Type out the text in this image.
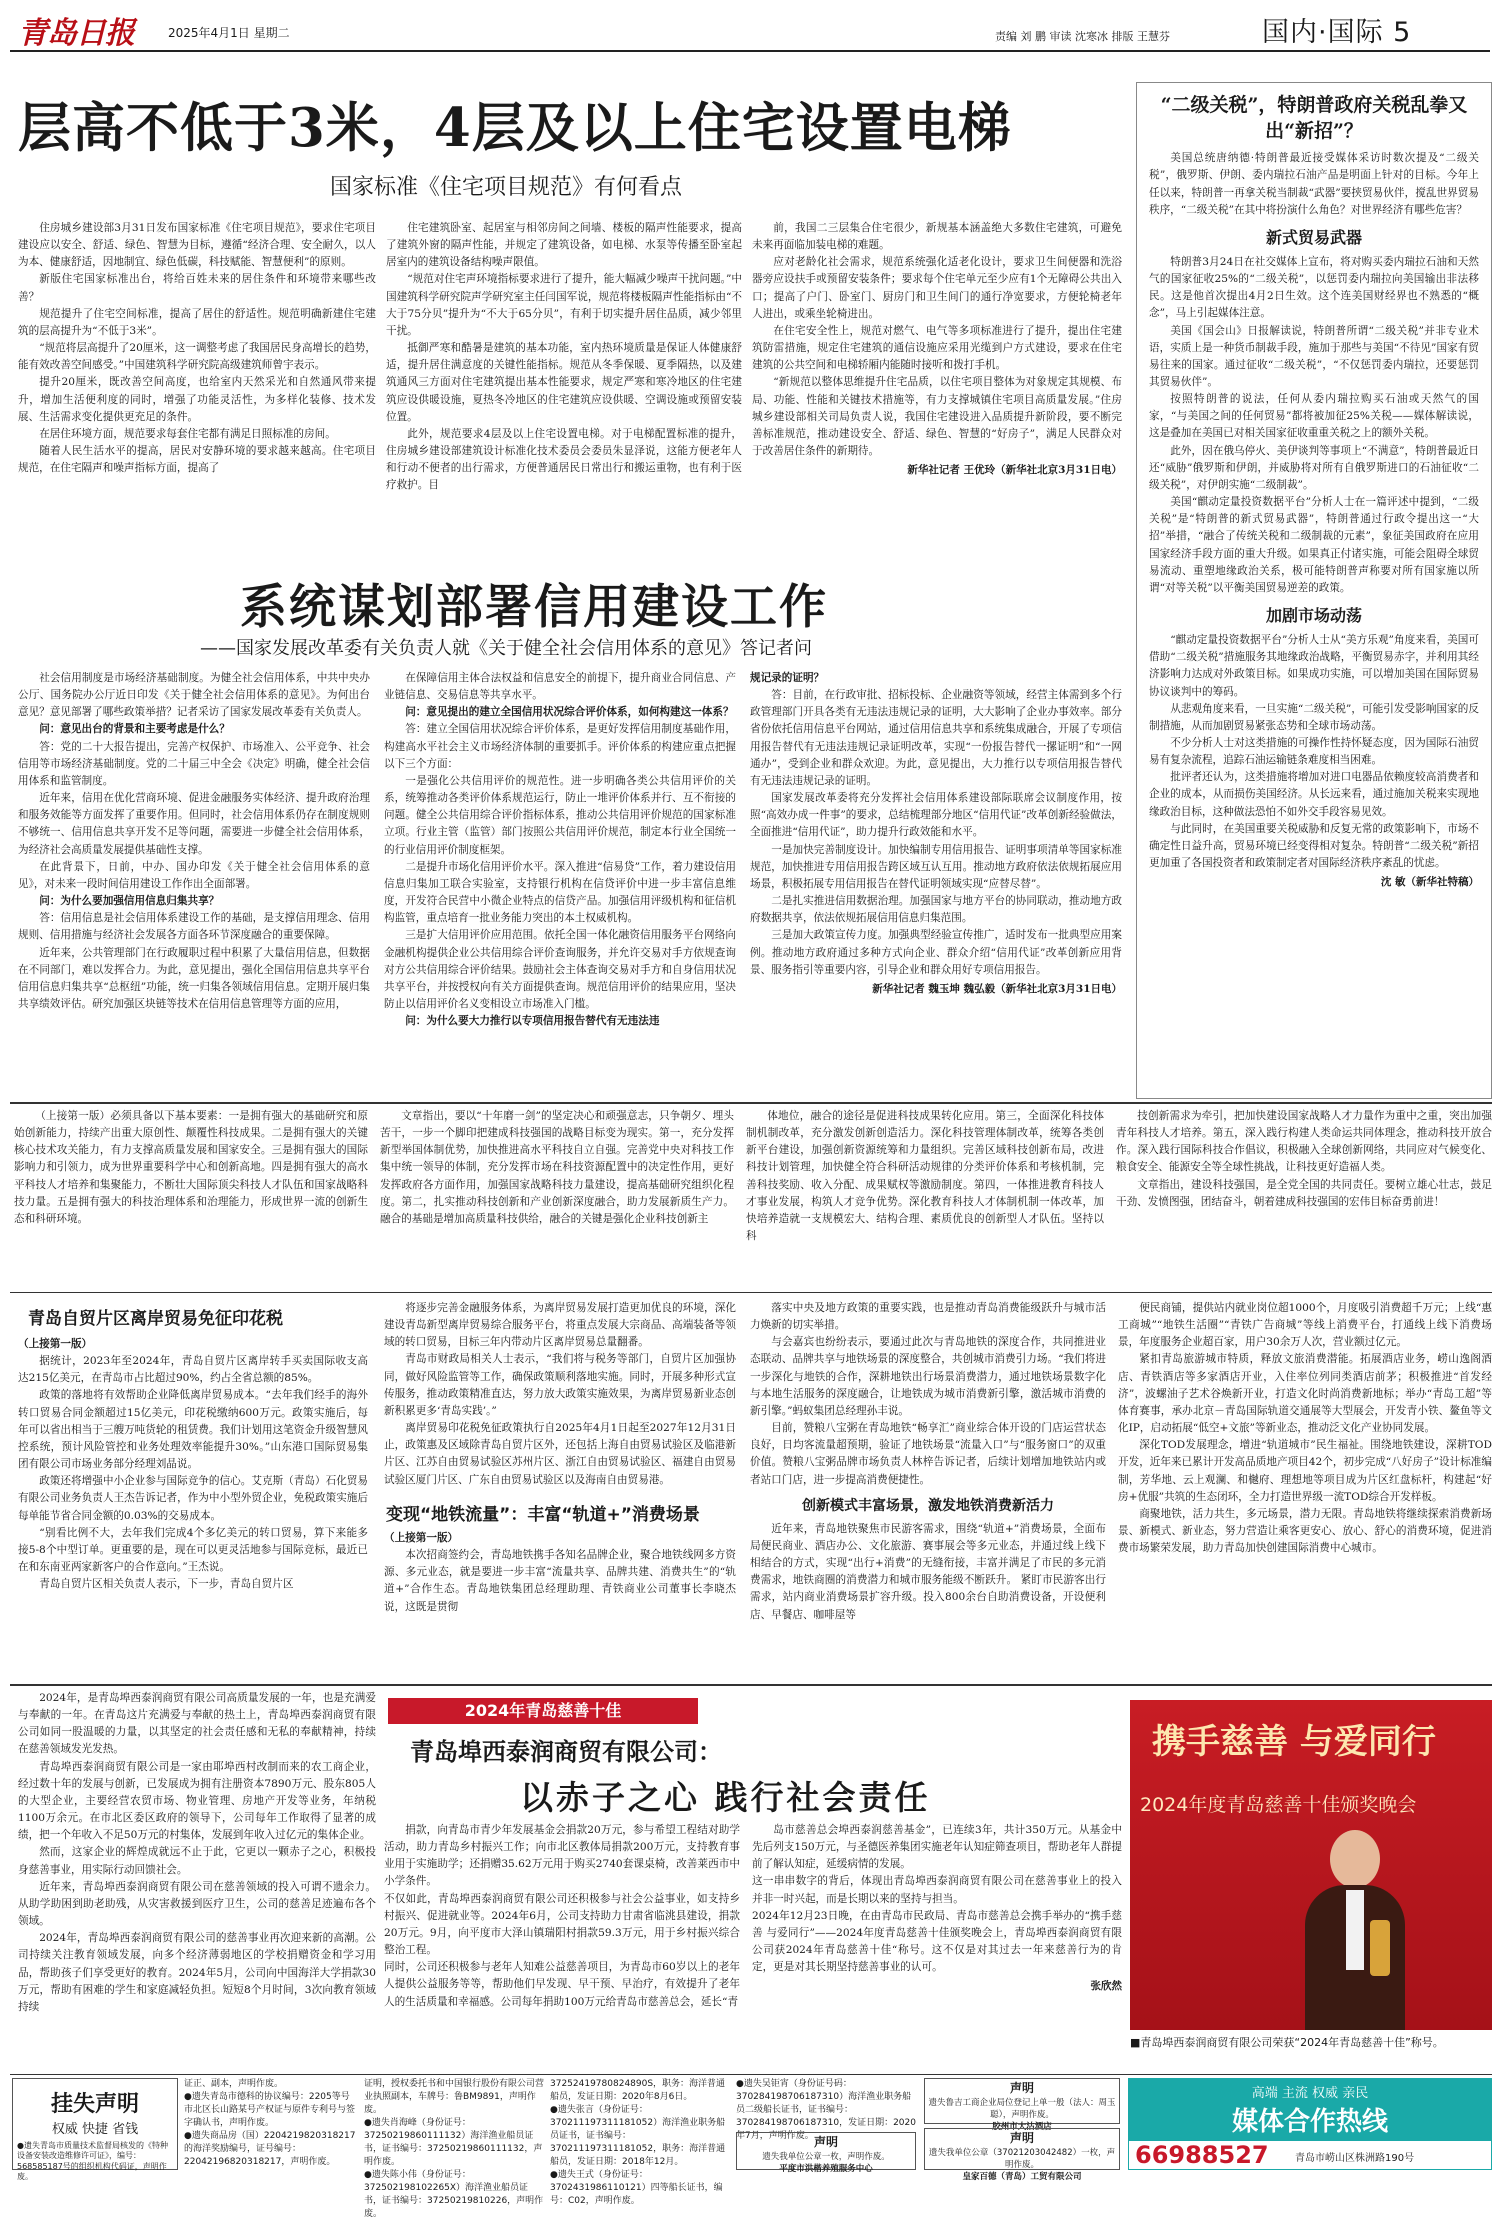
青岛日报	2025年4月1日 星期二	责编 刘 鹏 审读 沈寒冰 排版 王慧芬	国内·国际 5
层高不低于3米，4层及以上住宅设置电梯
国家标准《住宅项目规范》有何看点

住房城乡建设部3月31日发布国家标准《住宅项目规范》，要求住宅项目建设应以安全、舒适、绿色、智慧为目标，遵循“经济合理、安全耐久，以人为本、健康舒适，因地制宜、绿色低碳，科技赋能、智慧便利”的原则。

新版住宅国家标准出台，将给百姓未来的居住条件和环境带来哪些改善？

规范提升了住宅空间标准，提高了居住的舒适性。规范明确新建住宅建筑的层高提升为“不低于3米”。

“规范将层高提升了20厘米，这一调整考虑了我国居民身高增长的趋势，能有效改善空间感受。”中国建筑科学研究院高级建筑师曾宇表示。

提升20厘米，既改善空间高度，也给室内天然采光和自然通风带来提升，增加生活便利度的同时，增强了功能灵活性，为多样化装修、技术发展、生活需求变化提供更充足的条件。

在居住环境方面，规范要求每套住宅都有满足日照标准的房间。

随着人民生活水平的提高，居民对安静环境的要求越来越高。住宅项目规范，在住宅隔声和噪声指标方面，提高了

住宅建筑卧室、起居室与相邻房间之间墙、楼板的隔声性能要求，提高了建筑外窗的隔声性能，并规定了建筑设备，如电梯、水泵等传播至卧室起居室内的建筑设备结构噪声限值。

“规范对住宅声环境指标要求进行了提升，能大幅减少噪声干扰问题。”中国建筑科学研究院声学研究室主任闫国军说，规范将楼板隔声性能指标由“不大于75分贝”提升为“不大于65分贝”，有利于切实提升居住品质，减少邻里干扰。

抵御严寒和酷暑是建筑的基本功能，室内热环境质量是保证人体健康舒适，提升居住满意度的关键性能指标。规范从冬季保暖、夏季隔热，以及建筑通风三方面对住宅建筑提出基本性能要求，规定严寒和寒冷地区的住宅建筑应设供暖设施，夏热冬冷地区的住宅建筑应设供暖、空调设施或预留安装位置。

此外，规范要求4层及以上住宅设置电梯。对于电梯配置标准的提升，住房城乡建设部建筑设计标准化技术委员会委员朱显泽说，这能方便老年人和行动不便者的出行需求，方便普通居民日常出行和搬运重物，也有利于医疗救护。目

前，我国二三层集合住宅很少，新规基本涵盖绝大多数住宅建筑，可避免未来再面临加装电梯的难题。

应对老龄化社会需求，规范系统强化适老化设计，要求卫生间便器和洗浴器旁应设扶手或预留安装条件；要求每个住宅单元至少应有1个无障碍公共出入口；提高了户门、卧室门、厨房门和卫生间门的通行净宽要求，方便轮椅老年人进出，或乘坐轮椅进出。

在住宅安全性上，规范对燃气、电气等多项标准进行了提升，提出住宅建筑防雷措施，规定住宅建筑的通信设施应采用光缆到户方式建设，要求在住宅建筑的公共空间和电梯轿厢内能随时接听和拨打手机。

“新规范以整体思维提升住宅品质，以住宅项目整体为对象规定其规模、布局、功能、性能和关键技术措施等，有力支撑城镇住宅项目高质量发展。”住房城乡建设部相关司局负责人说，我国住宅建设进入品质提升新阶段，要不断完善标准规范，推动建设安全、舒适、绿色、智慧的“好房子”，满足人民群众对于改善居住条件的新期待。

新华社记者 王优玲（新华社北京3月31日电）
“二级关税”，特朗普政府关税乱拳又出“新招”？

美国总统唐纳德·特朗普最近接受媒体采访时数次提及“二级关税”，俄罗斯、伊朗、委内瑞拉石油产品是明面上针对的目标。今年上任以来，特朗普一再拿关税当制裁“武器”要挟贸易伙伴，搅乱世界贸易秩序，“二级关税”在其中将扮演什么角色？对世界经济有哪些危害？

新式贸易武器

特朗普3月24日在社交媒体上宣布，将对购买委内瑞拉石油和天然气的国家征收25%的“二级关税”，以惩罚委内瑞拉向美国输出非法移民。这是他首次提出4月2日生效。这个连美国财经界也不熟悉的“概念”，马上引起媒体注意。

美国《国会山》日报解读说，特朗普所谓“二级关税”并非专业术语，实质上是一种货币制裁手段，施加于那些与美国“不待见”国家有贸易往来的国家。通过征收“二级关税”，“不仅惩罚委内瑞拉，还要惩罚其贸易伙伴”。

按照特朗普的说法，任何从委内瑞拉购买石油或天然气的国家，“与美国之间的任何贸易”都将被加征25%关税——媒体解读说，这是叠加在美国已对相关国家征收重重关税之上的额外关税。

此外，因在俄乌停火、美伊谈判等事项上“不满意”，特朗普最近日还“威胁”俄罗斯和伊朗，并威胁将对所有自俄罗斯进口的石油征收“二级关税”，对伊朗实施“二级制裁”。

美国“麒动定量投资数据平台”分析人士在一篇评述中提到，“二级关税”是“特朗普的新式贸易武器”，特朗普通过行政令提出这一“大招”举措，“融合了传统关税和二级制裁的元素”，象征美国政府在应用国家经济手段方面的重大升级。如果真正付诸实施，可能会阻碍全球贸易流动、重塑地缘政治关系，极可能特朗普声称要对所有国家施以所谓“对等关税”以平衡美国贸易逆差的政策。

加剧市场动荡

“麒动定量投资数据平台”分析人士从“美方乐观”角度来看，美国可借助“二级关税”措施服务其地缘政治战略，平衡贸易赤字，并利用其经济影响力达成对外政策目标。如果成功实施，可以增加美国在国际贸易协议谈判中的筹码。

从悲观角度来看，一旦实施“二级关税”，可能引发受影响国家的反制措施，从而加剧贸易紧张态势和全球市场动荡。

不少分析人士对这类措施的可操作性持怀疑态度，因为国际石油贸易有复杂流程，追踪石油运输链条难度相当困难。

批评者还认为，这类措施将增加对进口电器品依赖度较高消费者和企业的成本，从而损伤美国经济。从长远来看，通过施加关税来实现地缘政治目标，这种做法恐怕不如外交手段容易见效。

与此同时，在美国重要关税威胁和反复无常的政策影响下，市场不确定性日益升高，贸易环境已经变得相对复杂。特朗普“二级关税”新招更加重了各国投资者和政策制定者对国际经济秩序紊乱的忧虑。

沈 敏（新华社特稿）
系统谋划部署信用建设工作
——国家发展改革委有关负责人就《关于健全社会信用体系的意见》答记者问

社会信用制度是市场经济基础制度。为健全社会信用体系，中共中央办公厅、国务院办公厅近日印发《关于健全社会信用体系的意见》。为何出台意见？意见部署了哪些政策举措？记者采访了国家发展改革委有关负责人。

问：意见出台的背景和主要考虑是什么？

答：党的二十大报告提出，完善产权保护、市场准入、公平竞争、社会信用等市场经济基础制度。党的二十届三中全会《决定》明确，健全社会信用体系和监管制度。

近年来，信用在优化营商环境、促进金融服务实体经济、提升政府治理和服务效能等方面发挥了重要作用。但同时，社会信用体系仍存在制度规则不够统一、信用信息共享开发不足等问题，需要进一步健全社会信用体系，为经济社会高质量发展提供基础性支撑。

在此背景下，日前，中办、国办印发《关于健全社会信用体系的意见》，对未来一段时间信用建设工作作出全面部署。

问：为什么要加强信用信息归集共享？

答：信用信息是社会信用体系建设工作的基础，是支撑信用理念、信用规则、信用措施与经济社会发展各方面各环节深度融合的重要保障。

近年来，公共管理部门在行政履职过程中积累了大量信用信息，但数据在不同部门，难以发挥合力。为此，意见提出，强化全国信用信息共享平台信用信息归集共享“总枢纽”功能，统一归集各领域信用信息。定期开展归集共享绩效评估。研究加强区块链等技术在信用信息管理等方面的应用，

在保障信用主体合法权益和信息安全的前提下，提升商业合同信息、产业链信息、交易信息等共享水平。

问：意见提出的建立全国信用状况综合评价体系，如何构建这一体系？

答：建立全国信用状况综合评价体系，是更好发挥信用制度基础作用，构建高水平社会主义市场经济体制的重要抓手。评价体系的构建应重点把握以下三个方面：

一是强化公共信用评价的规范性。进一步明确各类公共信用评价的关系，统筹推动各类评价体系规范运行，防止一堆评价体系并行、互不衔接的问题。健全公共信用综合评价指标体系，推动公共信用评价规范的国家标准立项。行业主管（监管）部门按照公共信用评价规范，制定本行业全国统一的行业信用评价制度框架。

二是提升市场化信用评价水平。深入推进“信易贷”工作，着力建设信用信息归集加工联合实验室，支持银行机构在信贷评价中进一步丰富信息维度，开发符合民营中小微企业特点的信贷产品。加强信用评级机构和征信机构监管，重点培育一批业务能力突出的本土权威机构。

三是扩大信用评价应用范围。依托全国一体化融资信用服务平台网络向金融机构提供企业公共信用综合评价查询服务，并允许交易对手方依规查询对方公共信用综合评价结果。鼓励社会主体查询交易对手方和自身信用状况共享平台，并按授权向有关方面提供查询。规范信用评价的结果应用，坚决防止以信用评价名义变相设立市场准入门槛。

问：为什么要大力推行以专项信用报告替代有无违法违

规记录的证明？

答：目前，在行政审批、招标投标、企业融资等领域，经营主体需到多个行政管理部门开具各类有无违法违规记录的证明，大大影响了企业办事效率。部分省份依托信用信息平台网站，通过信用信息共享和系统集成融合，开展了专项信用报告替代有无违法违规记录证明改革，实现“一份报告替代一摞证明”和“一网通办”，受到企业和群众欢迎。为此，意见提出，大力推行以专项信用报告替代有无违法违规记录的证明。

国家发展改革委将充分发挥社会信用体系建设部际联席会议制度作用，按照“高效办成一件事”的要求，总结梳理部分地区“信用代证”改革创新经验做法，全面推进“信用代证”，助力提升行政效能和水平。

一是加快完善制度设计。加快编制专用信用报告、证明事项清单等国家标准规范，加快推进专用信用报告跨区域互认互用。推动地方政府依法依规拓展应用场景，积极拓展专用信用报告在替代证明领域实现“应替尽替”。

二是扎实推进信用数据治理。加强国家与地方平台的协同联动，推动地方政府数据共享，依法依规拓展信用信息归集范围。

三是加大政策宣传力度。加强典型经验宣传推广，适时发布一批典型应用案例。推动地方政府通过多种方式向企业、群众介绍“信用代证”改革创新应用背景、服务指引等重要内容，引导企业和群众用好专项信用报告。

新华社记者 魏玉坤 魏弘毅（新华社北京3月31日电）

（上接第一版）必须具备以下基本要素：一是拥有强大的基础研究和原始创新能力，持续产出重大原创性、颠覆性科技成果。二是拥有强大的关键核心技术攻关能力，有力支撑高质量发展和国家安全。三是拥有强大的国际影响力和引领力，成为世界重要科学中心和创新高地。四是拥有强大的高水平科技人才培养和集聚能力，不断壮大国际顶尖科技人才队伍和国家战略科技力量。五是拥有强大的科技治理体系和治理能力，形成世界一流的创新生态和科研环境。

文章指出，要以“十年磨一剑”的坚定决心和顽强意志，只争朝夕、埋头苦干，一步一个脚印把建成科技强国的战略目标变为现实。第一，充分发挥新型举国体制优势，加快推进高水平科技自立自强。完善党中央对科技工作集中统一领导的体制，充分发挥市场在科技资源配置中的决定性作用，更好发挥政府各方面作用，加强国家战略科技力量建设，提高基础研究组织化程度。第二，扎实推动科技创新和产业创新深度融合，助力发展新质生产力。融合的基础是增加高质量科技供给，融合的关键是强化企业科技创新主

体地位，融合的途径是促进科技成果转化应用。第三，全面深化科技体制机制改革，充分激发创新创造活力。深化科技管理体制改革，统筹各类创新平台建设，加强创新资源统筹和力量组织。完善区域科技创新布局，改进科技计划管理，加快健全符合科研活动规律的分类评价体系和考核机制，完善科技奖励、收入分配、成果赋权等激励制度。第四，一体推进教育科技人才事业发展，构筑人才竞争优势。深化教育科技人才体制机制一体改革，加快培养造就一支规模宏大、结构合理、素质优良的创新型人才队伍。坚持以科

技创新需求为牵引，把加快建设国家战略人才力量作为重中之重，突出加强青年科技人才培养。第五，深入践行构建人类命运共同体理念，推动科技开放合作。深入践行国际科技合作倡议，积极融入全球创新网络，共同应对气候变化、粮食安全、能源安全等全球性挑战，让科技更好造福人类。

文章指出，建设科技强国，是全党全国的共同责任。要树立雄心壮志，鼓足干劲、发愤图强，团结奋斗，朝着建成科技强国的宏伟目标奋勇前进！

青岛自贸片区离岸贸易免征印花税

（上接第一版）

据统计，2023年至2024年，青岛自贸片区离岸转手买卖国际收支高达215亿美元，在青岛市占比超过90%，约占全省总额的85%。

政策的落地将有效帮助企业降低离岸贸易成本。“去年我们经手的海外转口贸易合同金额超过15亿美元，印花税缴纳600万元。政策实施后，每年可以省出相当于三艘万吨货轮的租赁费。我们计划用这笔资金升级智慧风控系统，预计风险管控和业务处理效率能提升30%。”山东港口国际贸易集团有限公司市场业务部分经理刘晶说。

政策还将增强中小企业参与国际竞争的信心。艾克斯（青岛）石化贸易有限公司业务负责人王杰告诉记者，作为中小型外贸企业，免税政策实施后每单能节省合同金额的0.03%的交易成本。

“别看比例不大，去年我们完成4个多亿美元的转口贸易，算下来能多接5-8个中型订单。更重要的是，现在可以更灵活地参与国际竞标，最近已在和东南亚两家新客户的合作意向。”王杰说。

青岛自贸片区相关负责人表示，下一步，青岛自贸片区

将逐步完善金融服务体系，为离岸贸易发展打造更加优良的环境，深化建设青岛新型离岸贸易综合服务平台，将重点发展大宗商品、高端装备等领域的转口贸易，目标三年内带动片区离岸贸易总量翻番。

青岛市财政局相关人士表示，“我们将与税务等部门，自贸片区加强协同，做好风险监管等工作，确保政策顺利落地实施。同时，开展多种形式宣传服务，推动政策精准直达，努力放大政策实施效果，为离岸贸易新业态创新积累更多‘青岛实践’。”

离岸贸易印花税免征政策执行自2025年4月1日起至2027年12月31日止，政策惠及区域除青岛自贸片区外，还包括上海自由贸易试验区及临港新片区、江苏自由贸易试验区苏州片区、浙江自由贸易试验区、福建自由贸易试验区厦门片区、广东自由贸易试验区以及海南自由贸易港。

变现“地铁流量”：丰富“轨道+”消费场景

（上接第一版）

本次招商签约会，青岛地铁携手各知名品牌企业，聚合地铁线网多方资源、多元业态，就是要进一步丰富“流量共享、品牌共建、消费共生”的“轨道+”合作生态。青岛地铁集团总经理助理、青铁商业公司董事长李晓杰说，这既是贯彻

落实中央及地方政策的重要实践，也是推动青岛消费能级跃升与城市活力焕新的切实举措。

与会嘉宾也纷纷表示，要通过此次与青岛地铁的深度合作，共同推进业态联动、品牌共享与地铁场景的深度整合，共创城市消费引力场。“我们将进一步深化与地铁的合作，深耕地铁出行场景消费潜力，通过地铁场景数字化与本地生活服务的深度融合，让地铁成为城市消费新引擎，激活城市消费的新引擎。”蚂蚁集团总经理孙丰说。

目前，赞粮八宝粥在青岛地铁“畅享汇”商业综合体开设的门店运营状态良好，日均客流量超预期，验证了地铁场景“流量入口”与“服务窗口”的双重价值。赞粮八宝粥品牌市场负责人林梓告诉记者，后续计划增加地铁站内或者站口门店，进一步提高消费便捷性。

创新模式丰富场景，激发地铁消费新活力

近年来，青岛地铁聚焦市民游客需求，围绕“轨道+”消费场景，全面布局便民商业、酒店办公、文化旅游、赛事展会等多元业态，并通过线上线下相结合的方式，实现“出行+消费”的无缝衔接，丰富并满足了市民的多元消费需求，地铁商圈的消费潜力和城市服务能级不断跃升。 紧盯市民游客出行需求，站内商业消费场景扩容升级。投入800余台自助消费设备，开设便利店、早餐店、咖啡屋等

便民商铺，提供站内就业岗位超1000个，月度吸引消费超千万元；上线“惠工商城”“地铁生活圈”“青铁广告商城”等线上消费平台，打通线上线下消费场景，年度服务企业超百家，用户30余万人次，营业额过亿元。

紧扣青岛旅游城市特质，释放文旅消费潜能。拓展酒店业务，崂山逸阁酒店、青铁酒店等多家酒店开业，入住率位列同类酒店前茅；积极推进“首发经济”，波螺油子艺术谷焕新开业，打造文化时尚消费新地标；举办“青岛工超”等体育赛事，承办北京－青岛国际轨道交通展等大型展会，开发青小铁、鳌鱼等文化IP，启动拓展“低空+文旅”等新业态，推动泛文化产业协同发展。

深化TOD发展理念，增进“轨道城市”民生福祉。围绕地铁建设，深耕TOD开发，近年来已累计开发高品质地产项目42个，初步完成“八好房子”设计标准编制，芳华地、云上观澜、和樾府、理想地等项目成为片区红盘标杆，构建起“好房+优服”共筑的生态闭环，全力打造世界级一流TOD综合开发样板。

商聚地铁，活力共生，多元场景，潜力无限。青岛地铁将继续探索消费新场景、新模式、新业态，努力营造让乘客更安心、放心、舒心的消费环境，促进消费市场繁荣发展，助力青岛加快创建国际消费中心城市。

2024年，是青岛埠西泰润商贸有限公司高质量发展的一年，也是充满爱与奉献的一年。在青岛这片充满爱与奉献的热土上，青岛埠西泰润商贸有限公司如同一股温暖的力量，以其坚定的社会责任感和无私的奉献精神，持续在慈善领域发光发热。

青岛埠西泰润商贸有限公司是一家由耶埠西村改制而来的农工商企业，经过数十年的发展与创新，已发展成为拥有注册资本7890万元、股东805人的大型企业，主要经营农贸市场、物业管理、房地产开发等业务，年纳税1100万余元。在市北区委区政府的领导下，公司每年工作取得了显著的成绩，把一个年收入不足50万元的村集体，发展到年收入过亿元的集体企业。

然而，这家企业的辉煌成就远不止于此，它更以一颗赤子之心，积极投身慈善事业，用实际行动回馈社会。

近年来，青岛埠西泰润商贸有限公司在慈善领域的投入可谓不遗余力。从助学助困到助老助残，从灾害救援到医疗卫生，公司的慈善足迹遍布各个领域。

2024年，青岛埠西泰润商贸有限公司的慈善事业再次迎来新的高潮。公司持续关注教育领域发展，向多个经济薄弱地区的学校捐赠资金和学习用品，帮助孩子们享受更好的教育。2024年5月，公司向中国海洋大学捐款30万元，帮助有困难的学生和家庭减轻负担。短短8个月时间，3次向教育领域持续

2024年青岛慈善十佳
青岛埠西泰润商贸有限公司：
以赤子之心 践行社会责任

捐款，向青岛市青少年发展基金会捐款20万元，参与希望工程结对助学活动，助力青岛乡村振兴工作；向市北区教体局捐款200万元，支持教育事业用于实施助学；还捐赠35.62万元用于购买2740套课桌椅，改善莱西市中小学条件。
不仅如此，青岛埠西泰润商贸有限公司还积极参与社会公益事业，如支持乡村振兴、促进就业等。2024年6月，公司支持助力甘肃省临洮县建设，捐款20万元。9月，向平度市大泽山镇瑞阳村捐款59.3万元，用于乡村振兴综合整治工程。
同时，公司还积极参与老年人知难公益慈善项目，为青岛市60岁以上的老年人提供公益服务等等，帮助他们早发现、早干预、早治疗，有效提升了老年人的生活质量和幸福感。公司每年捐助100万元给青岛市慈善总会，延长“青

岛市慈善总会埠西泰润慈善基金”，已连续3年，共计350万元。从基金中先后列支150万元，与圣德医养集团实施老年认知症筛查项目，帮助老年人群提前了解认知症，延缓病情的发展。
这一串串数字的背后，体现出青岛埠西泰润商贸有限公司在慈善事业上的投入并非一时兴起，而是长期以来的坚持与担当。
2024年12月23日晚，在由青岛市民政局、青岛市慈善总会携手举办的“携手慈善 与爱同行”——2024年度青岛慈善十佳颁奖晚会上，青岛埠西泰润商贸有限公司获2024年青岛慈善十佳“称号。这不仅是对其过去一年来慈善行为的肯定，更是对其长期坚持慈善事业的认可。

张欣然
携手慈善 与爱同行
2024年度青岛慈善十佳颁奖晚会
■青岛埠西泰润商贸有限公司荣获“2024年青岛慈善十佳”称号。
挂失声明
权威 快捷 省钱
●遗失青岛市质量技术监督局核发的《特种设备安装改造维修许可证》，编号：568585187号的组织机构代码证，声明作废。
证正、副本，声明作废。
●遗失青岛市德科的协议编号：2205等号市北区长山路某号产权证与原件专利号与签字确认书，声明作废。
●遗失商品房（国）2204219820318217的海洋奖励编号，证号编号：22042196820318217，声明作废。
证明，授权委托书和中国银行股份有限公司营业执照副本，车牌号：鲁BM9891，声明作废。
●遗失肖海峰（身份证号：37250219860111132）海洋渔业船员证书，证书编号：37250219860111132，声明作废。
●遗失陈小伟（身份证号：372502198102265X）海洋渔业船员证书，证书编号：37250219810226，声明作废。
37252419780824890S，职务：海洋普通船员，发证日期：2020年8月6日。
●遗失张言（身份证号：370211197311181052）海洋渔业职务船员证书，证书编号：370211197311181052，职务：海洋普通船员，发证日期：2018年12月。
●遗失王式（身份证号：3702431986110121）四等船长证书，编号：C02，声明作废。
●遗失吴钜宵（身份证号码：370284198706187310）海洋渔业职务船员二级船长证书，证书编号：370284198706187310，发证日期：2020年7月，声明作废。 声明
遗失我单位公章一枚，声明作废。
平度市洪楷养殖服务中心
声明
遗失鲁吉工商企业局位登记上单一般（法人：周玉聪），声明作废。
胶州市大沽酒店
声明
遗失我单位公章（37021203042482）一枚，声明作废。
皇家百德（青岛）工贸有限公司
高端 主流 权威 亲民
媒体合作热线
66988527	青岛市崂山区株洲路190号
